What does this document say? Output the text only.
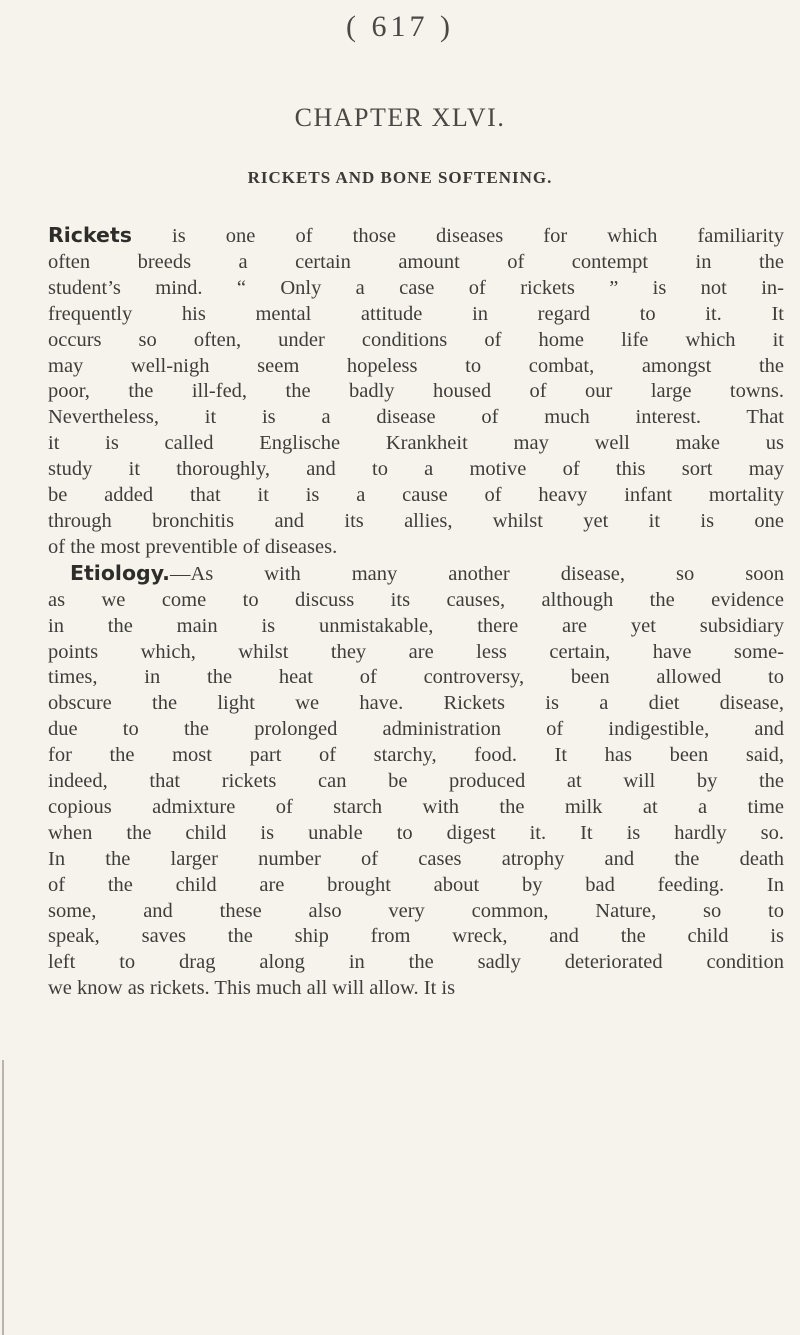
( 617 )
CHAPTER XLVI.
RICKETS AND BONE SOFTENING.
Rickets is one of those diseases for which familiarity
often breeds a certain amount of contempt in the
student’s mind. “ Only a case of rickets ” is not in-
frequently his mental attitude in regard to it. It
occurs so often, under conditions of home life which it
may well-nigh seem hopeless to combat, amongst the
poor, the ill-fed, the badly housed of our large towns.
Nevertheless, it is a disease of much interest. That
it is called Englische Krankheit may well make us
study it thoroughly, and to a motive of this sort may
be added that it is a cause of heavy infant mortality
through bronchitis and its allies, whilst yet it is one
of the most preventible of diseases.
Etiology.—As with many another disease, so soon
as we come to discuss its causes, although the evidence
in the main is unmistakable, there are yet subsidiary
points which, whilst they are less certain, have some-
times, in the heat of controversy, been allowed to
obscure the light we have. Rickets is a diet disease,
due to the prolonged administration of indigestible, and
for the most part of starchy, food. It has been said,
indeed, that rickets can be produced at will by the
copious admixture of starch with the milk at a time
when the child is unable to digest it. It is hardly so.
In the larger number of cases atrophy and the death
of the child are brought about by bad feeding. In
some, and these also very common, Nature, so to
speak, saves the ship from wreck, and the child is
left to drag along in the sadly deteriorated condition
we know as rickets. This much all will allow. It is
